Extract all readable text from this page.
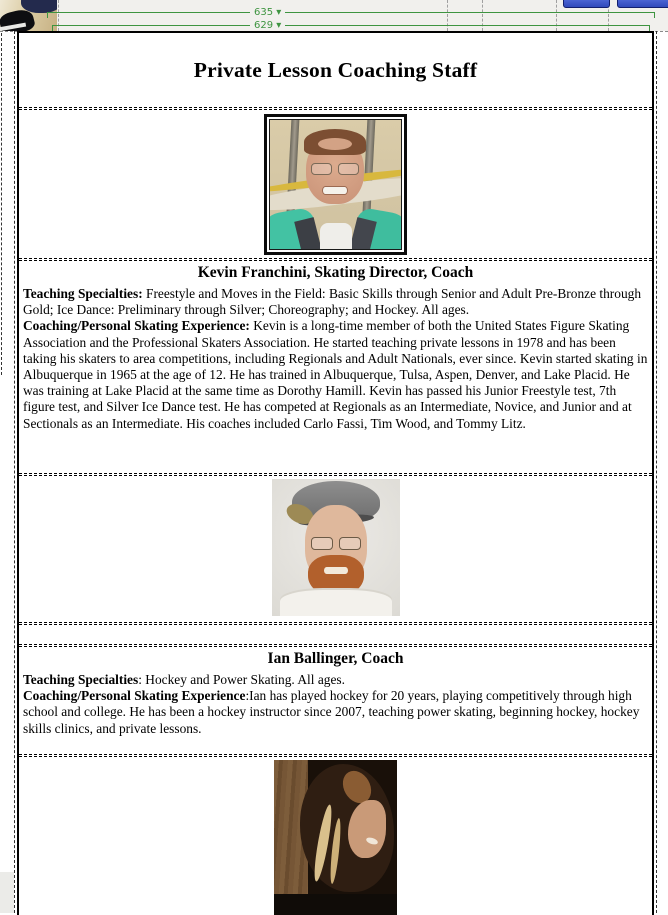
635 ▾
629 ▾
Private Lesson Coaching Staff
Kevin Franchini, Skating Director, Coach
Teaching Specialties: Freestyle and Moves in the Field: Basic Skills through Senior and Adult Pre-Bronze through Gold; Ice Dance: Preliminary through Silver; Choreography; and Hockey. All ages.
Coaching/Personal Skating Experience: Kevin is a long-time member of both the United States Figure Skating Association and the Professional Skaters Association. He started teaching private lessons in 1978 and has been taking his skaters to area competitions, including Regionals and Adult Nationals, ever since. Kevin started skating in Albuquerque in 1965 at the age of 12. He has trained in Albuquerque, Tulsa, Aspen, Denver, and Lake Placid. He was training at Lake Placid at the same time as Dorothy Hamill. Kevin has passed his Junior Freestyle test, 7th figure test, and Silver Ice Dance test. He has competed at Regionals as an Intermediate, Novice, and Junior and at Sectionals as an Intermediate. His coaches included Carlo Fassi, Tim Wood, and Tommy Litz.
Ian Ballinger, Coach
Teaching Specialties: Hockey and Power Skating. All ages.
Coaching/Personal Skating Experience:Ian has played hockey for 20 years, playing competitively through high school and college. He has been a hockey instructor since 2007, teaching power skating, beginning hockey, hockey skills clinics, and private lessons.
